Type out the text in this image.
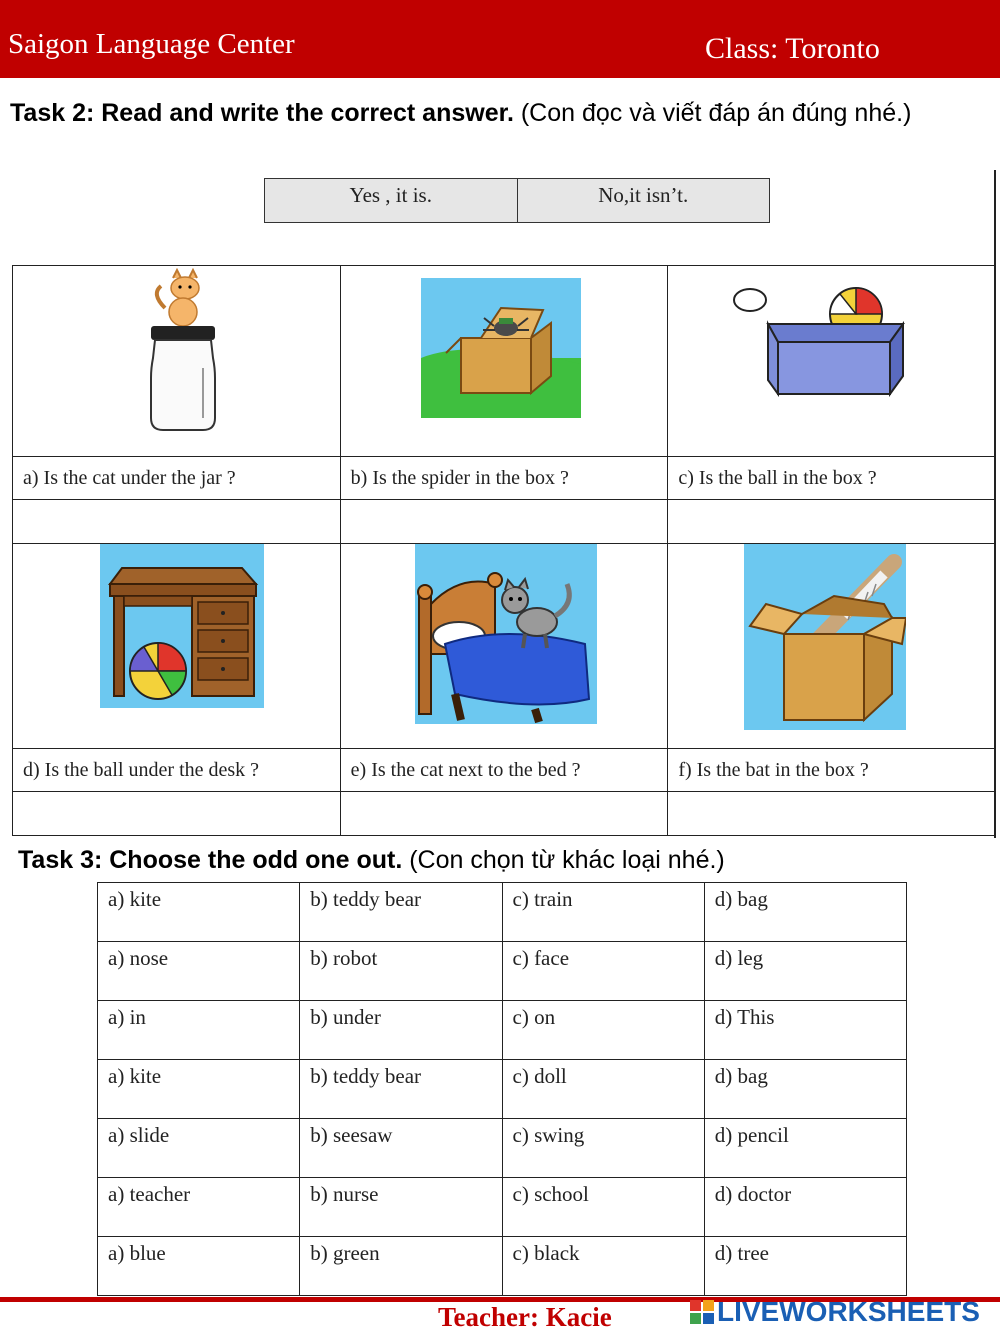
Saigon Language Center	Class: Toronto
Task 2: Read and write the correct answer. (Con đọc và viết đáp án đúng nhé.)
Yes , it is.	No,it isn’t.

a) Is the cat under the jar ?	b) Is the spider in the box ?	c) Is the ball in the box ?

d) Is the ball under the desk ?	e) Is the cat next to the bed ?	f) Is the bat in the box ?

Task 3: Choose the odd one out. (Con chọn từ khác loại nhé.)
a) kite	b) teddy bear	c) train	d) bag
a) nose	b) robot	c) face	d) leg
a) in	b) under	c) on	d) This
a) kite	b) teddy bear	c) doll	d) bag
a) slide	b) seesaw	c) swing	d) pencil
a) teacher	b) nurse	c) school	d) doctor
a) blue	b) green	c) black	d) tree
Teacher: Kacie	LIVEWORKSHEETS
